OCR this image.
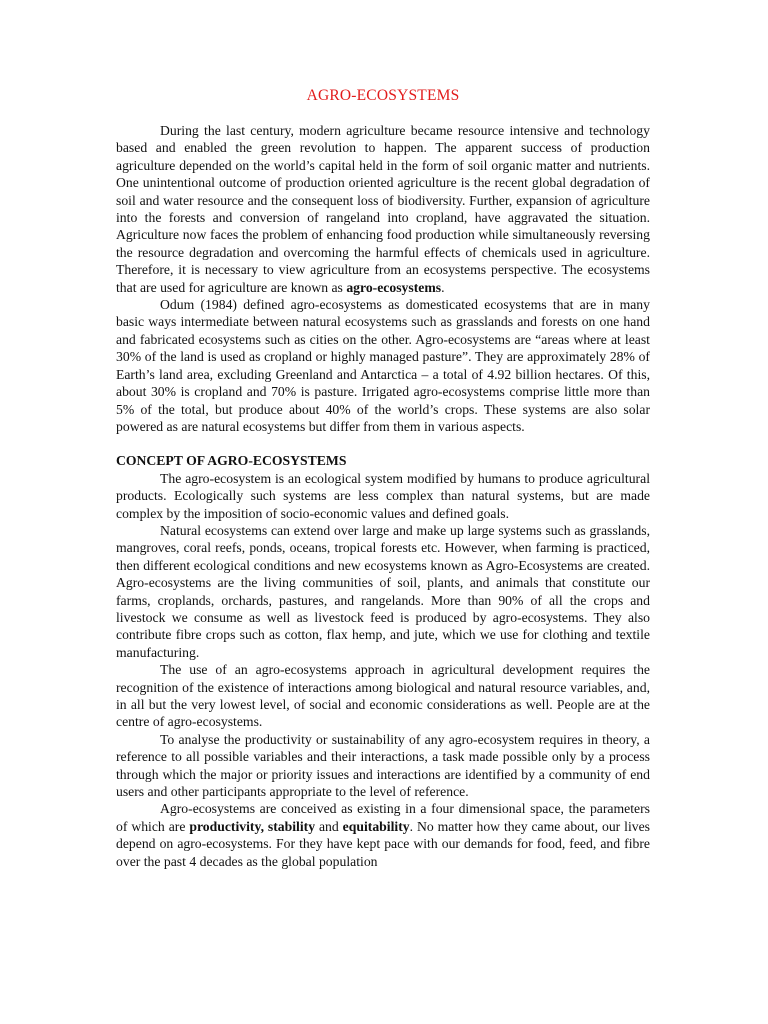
AGRO-ECOSYSTEMS

During the last century, modern agriculture became resource intensive and technology based and enabled the green revolution to happen. The apparent success of production agriculture depended on the world’s capital held in the form of soil organic matter and nutrients. One unintentional outcome of production oriented agriculture is the recent global degradation of soil and water resource and the consequent loss of biodiversity. Further, expansion of agriculture into the forests and conversion of rangeland into cropland, have aggravated the situation. Agriculture now faces the problem of enhancing food production while simultaneously reversing the resource degradation and overcoming the harmful effects of chemicals used in agriculture. Therefore, it is necessary to view agriculture from an ecosystems perspective. The ecosystems that are used for agriculture are known as agro-ecosystems.

Odum (1984) defined agro-ecosystems as domesticated ecosystems that are in many basic ways intermediate between natural ecosystems such as grasslands and forests on one hand and fabricated ecosystems such as cities on the other. Agro-ecosystems are “areas where at least 30% of the land is used as cropland or highly managed pasture”. They are approximately 28% of Earth’s land area, excluding Greenland and Antarctica – a total of 4.92 billion hectares. Of this, about 30% is cropland and 70% is pasture. Irrigated agro-ecosystems comprise little more than 5% of the total, but produce about 40% of the world’s crops. These systems are also solar powered as are natural ecosystems but differ from them in various aspects.

CONCEPT OF AGRO-ECOSYSTEMS

The agro-ecosystem is an ecological system modified by humans to produce agricultural products. Ecologically such systems are less complex than natural systems, but are made complex by the imposition of socio-economic values and defined goals.

Natural ecosystems can extend over large and make up large systems such as grasslands, mangroves, coral reefs, ponds, oceans, tropical forests etc. However, when farming is practiced, then different ecological conditions and new ecosystems known as Agro-Ecosystems are created. Agro-ecosystems are the living communities of soil, plants, and animals that constitute our farms, croplands, orchards, pastures, and rangelands. More than 90% of all the crops and livestock we consume as well as livestock feed is produced by agro-ecosystems. They also contribute fibre crops such as cotton, flax hemp, and jute, which we use for clothing and textile manufacturing.

The use of an agro-ecosystems approach in agricultural development requires the recognition of the existence of interactions among biological and natural resource variables, and, in all but the very lowest level, of social and economic considerations as well. People are at the centre of agro-ecosystems.

To analyse the productivity or sustainability of any agro-ecosystem requires in theory, a reference to all possible variables and their interactions, a task made possible only by a process through which the major or priority issues and interactions are identified by a community of end users and other participants appropriate to the level of reference.

Agro-ecosystems are conceived as existing in a four dimensional space, the parameters of which are productivity, stability and equitability. No matter how they came about, our lives depend on agro-ecosystems. For they have kept pace with our demands for food, feed, and fibre over the past 4 decades as the global population
